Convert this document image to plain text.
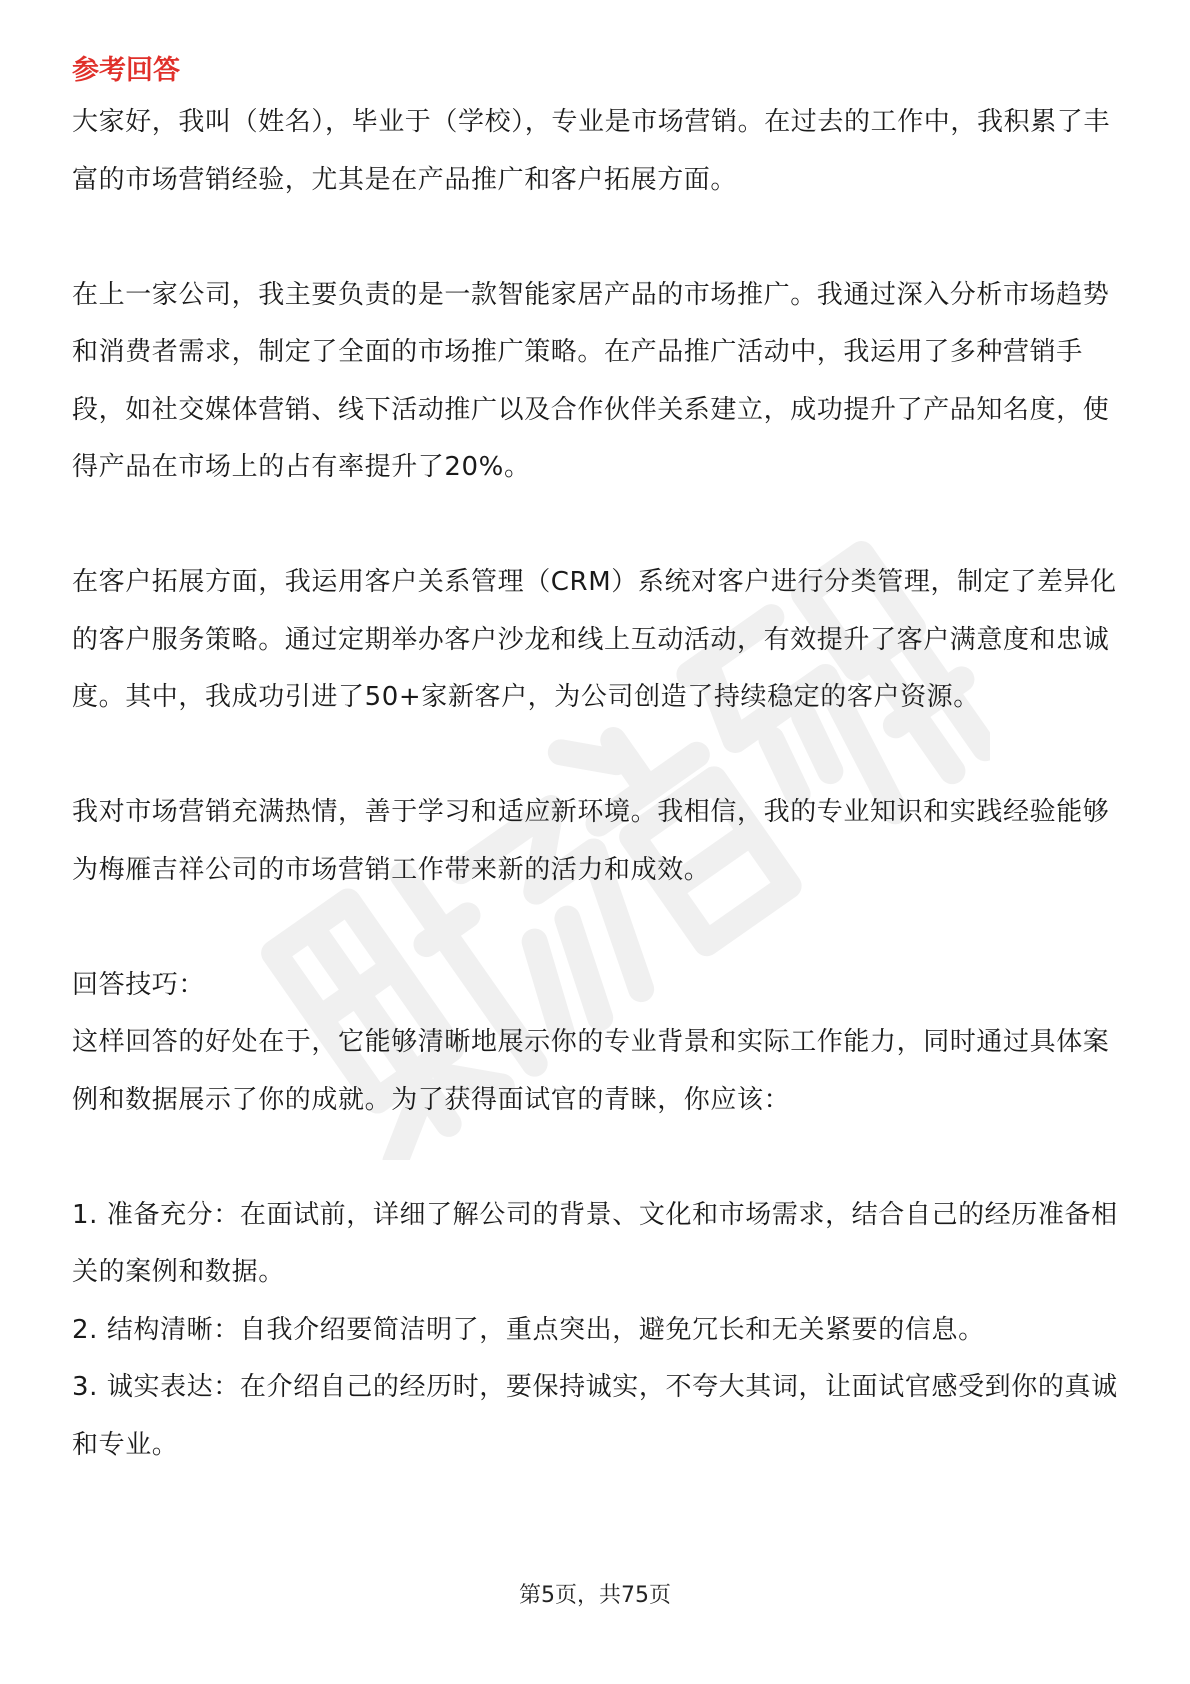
参考回答

大家好，我叫（姓名），毕业于（学校），专业是市场营销。在过去的工作中，我积累了丰富的市场营销经验，尤其是在产品推广和客户拓展方面。

在上一家公司，我主要负责的是一款智能家居产品的市场推广。我通过深入分析市场趋势和消费者需求，制定了全面的市场推广策略。在产品推广活动中，我运用了多种营销手段，如社交媒体营销、线下活动推广以及合作伙伴关系建立，成功提升了产品知名度，使得产品在市场上的占有率提升了20%。

在客户拓展方面，我运用客户关系管理（CRM）系统对客户进行分类管理，制定了差异化的客户服务策略。通过定期举办客户沙龙和线上互动活动，有效提升了客户满意度和忠诚度。其中，我成功引进了50+家新客户，为公司创造了持续稳定的客户资源。

我对市场营销充满热情，善于学习和适应新环境。我相信，我的专业知识和实践经验能够为梅雁吉祥公司的市场营销工作带来新的活力和成效。

回答技巧：

这样回答的好处在于，它能够清晰地展示你的专业背景和实际工作能力，同时通过具体案例和数据展示了你的成就。为了获得面试官的青睐，你应该：

1. 准备充分：在面试前，详细了解公司的背景、文化和市场需求，结合自己的经历准备相关的案例和数据。

2. 结构清晰：自我介绍要简洁明了，重点突出，避免冗长和无关紧要的信息。

3. 诚实表达：在介绍自己的经历时，要保持诚实，不夸大其词，让面试官感受到你的真诚和专业。

第5页，共75页
